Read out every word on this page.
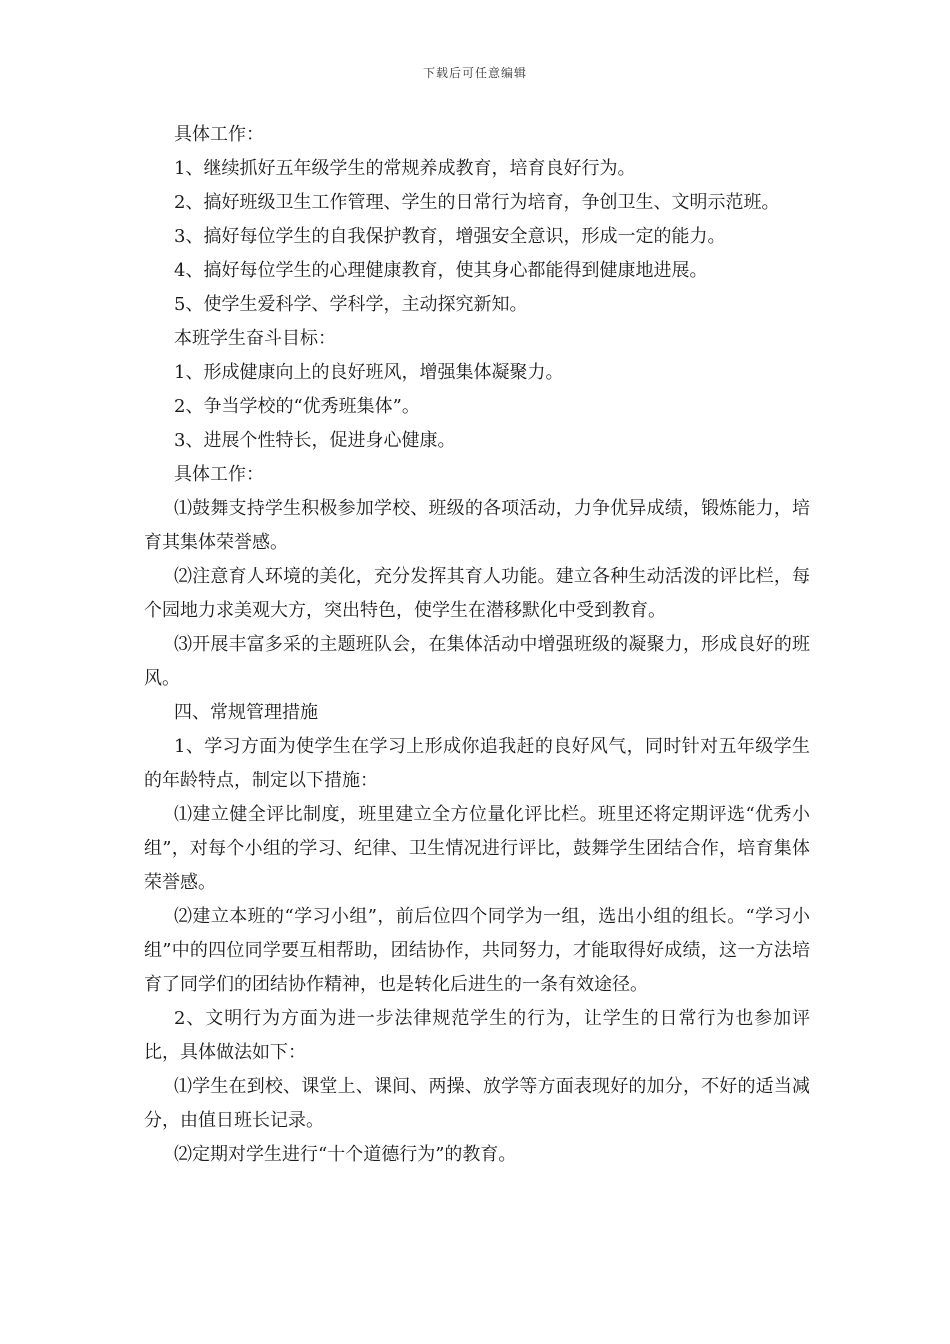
下载后可任意编辑

具体工作：

1、继续抓好五年级学生的常规养成教育，培育良好行为。

2、搞好班级卫生工作管理、学生的日常行为培育，争创卫生、文明示范班。

3、搞好每位学生的自我保护教育，增强安全意识，形成一定的能力。

4、搞好每位学生的心理健康教育，使其身心都能得到健康地进展。

5、使学生爱科学、学科学，主动探究新知。

本班学生奋斗目标：

1、形成健康向上的良好班风，增强集体凝聚力。

2、争当学校的“优秀班集体”。

3、进展个性特长，促进身心健康。

具体工作：

⑴鼓舞支持学生积极参加学校、班级的各项活动，力争优异成绩，锻炼能力，培育其集体荣誉感。

⑵注意育人环境的美化，充分发挥其育人功能。建立各种生动活泼的评比栏，每个园地力求美观大方，突出特色，使学生在潜移默化中受到教育。

⑶开展丰富多采的主题班队会，在集体活动中增强班级的凝聚力，形成良好的班风。

四、常规管理措施

1、学习方面为使学生在学习上形成你追我赶的良好风气，同时针对五年级学生的年龄特点，制定以下措施：

⑴建立健全评比制度，班里建立全方位量化评比栏。班里还将定期评选“优秀小组”，对每个小组的学习、纪律、卫生情况进行评比，鼓舞学生团结合作，培育集体荣誉感。

⑵建立本班的“学习小组”，前后位四个同学为一组，选出小组的组长。“学习小组”中的四位同学要互相帮助，团结协作，共同努力，才能取得好成绩，这一方法培育了同学们的团结协作精神，也是转化后进生的一条有效途径。

2、文明行为方面为进一步法律规范学生的行为，让学生的日常行为也参加评比，具体做法如下：

⑴学生在到校、课堂上、课间、两操、放学等方面表现好的加分，不好的适当减分，由值日班长记录。

⑵定期对学生进行“十个道德行为”的教育。
